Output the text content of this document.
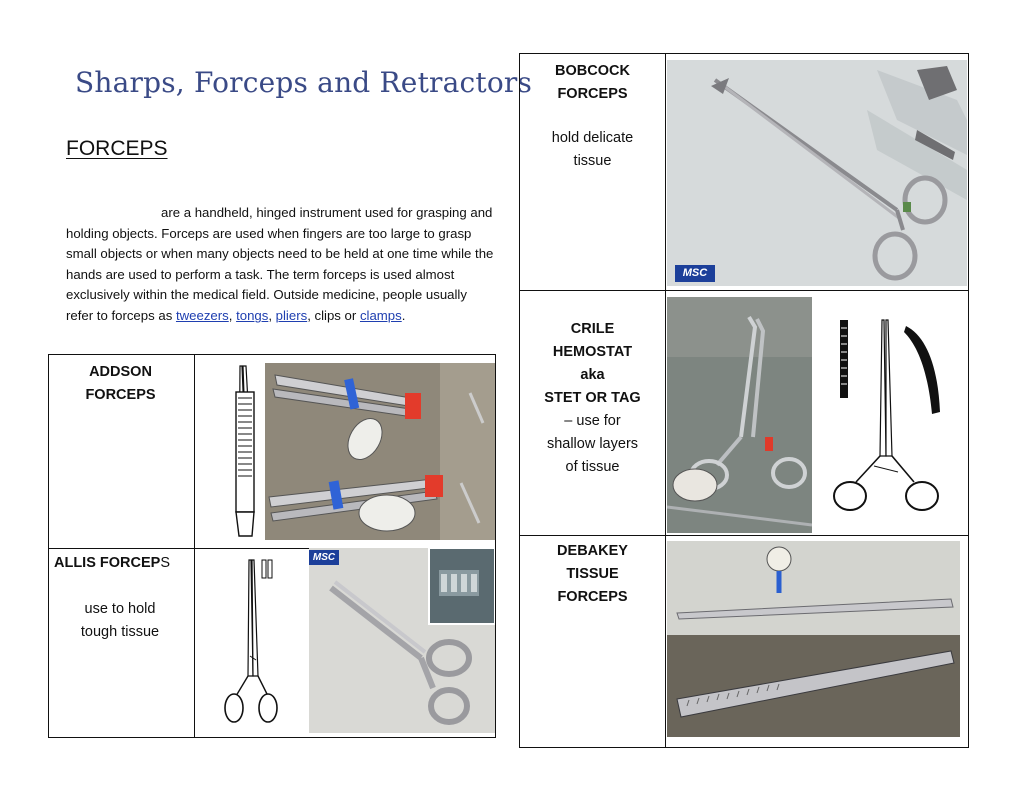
Sharps, Forceps and Retractors
FORCEPS
are a handheld, hinged instrument used for grasping and holding objects. Forceps are used when fingers are too large to grasp small objects or when many objects need to be held at one time while the hands are used to perform a task. The term forceps is used almost exclusively within the medical field. Outside medicine, people usually refer to forceps as tweezers, tongs, pliers, clips or clamps.
ADDSON
FORCEPS
ALLIS FORCEPS
use to hold
tough tissue
MSC
BOBCOCK
FORCEPS
hold delicate
tissue
MSC
CRILE
HEMOSTAT
aka
STET OR TAG
– use for
shallow layers
of tissue
DEBAKEY
TISSUE
FORCEPS
